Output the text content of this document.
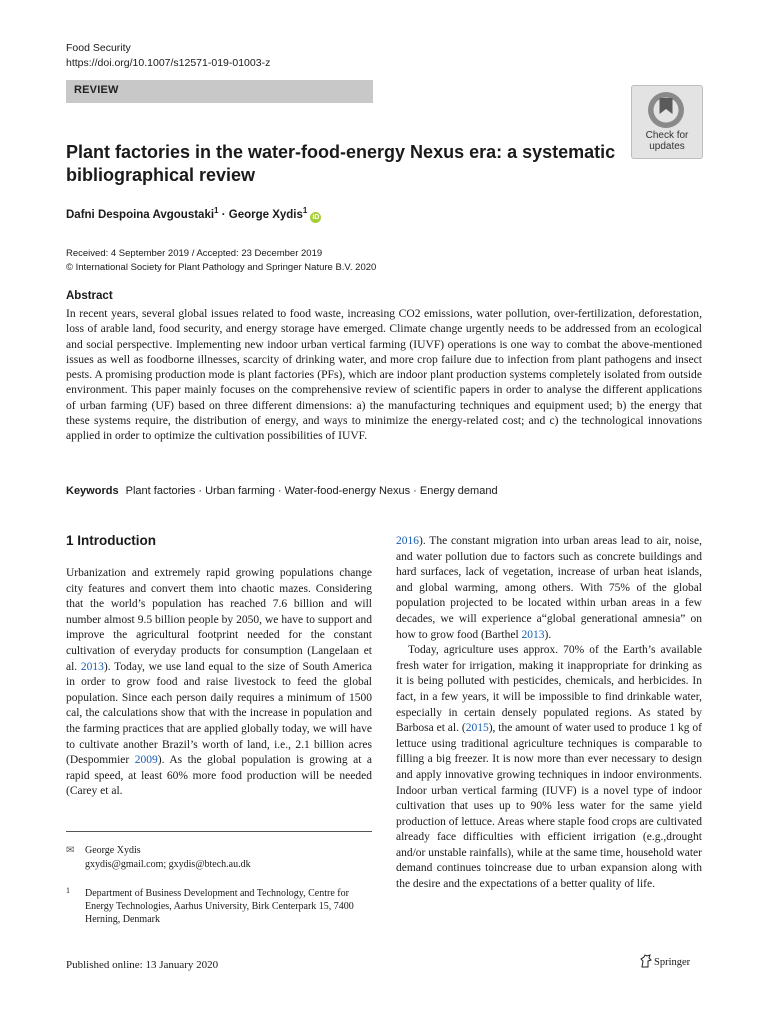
Food Security
https://doi.org/10.1007/s12571-019-01003-z
REVIEW
Check for
updates
Plant factories in the water-food-energy Nexus era: a systematic bibliographical review
Dafni Despoina Avgoustaki$^1$ · George Xydis$^1$iD
Received: 4 September 2019 / Accepted: 23 December 2019
© International Society for Plant Pathology and Springer Nature B.V. 2020
Abstract
In recent years, several global issues related to food waste, increasing CO2 emissions, water pollution, over-fertilization, deforestation, loss of arable land, food security, and energy storage have emerged. Climate change urgently needs to be addressed from an ecological and social perspective. Implementing new indoor urban vertical farming (IUVF) operations is one way to combat the above-mentioned issues as well as foodborne illnesses, scarcity of drinking water, and more crop failure due to infection from plant pathogens and insect pests. A promising production mode is plant factories (PFs), which are indoor plant production systems completely isolated from outside environment. This paper mainly focuses on the comprehensive review of scientific papers in order to analyse the different applications of urban farming (UF) based on three different dimensions: a) the manufacturing techniques and equipment used; b) the energy that these systems require, the distribution of energy, and ways to minimize the energy-related cost; and c) the technological innovations applied in order to optimize the cultivation possibilities of IUVF.
Keywords Plant factories · Urban farming · Water-food-energy Nexus · Energy demand
1 Introduction

Urbanization and extremely rapid growing populations change city features and convert them into chaotic mazes. Considering that the world’s population has reached 7.6 billion and will number almost 9.5 billion people by 2050, we have to support and improve the agricultural footprint needed for the constant cultivation of everyday products for consumption (Langelaan et al. 2013). Today, we use land equal to the size of South America in order to grow food and raise livestock to feed the global population. Since each person daily requires a minimum of 1500 cal, the calculations show that with the increase in population and the farming practices that are applied globally today, we will have to cultivate another Brazil’s worth of land, i.e., 2.1 billion acres (Despommier 2009). As the global population is growing at a rapid speed, at least 60% more food production will be needed (Carey et al.

2016). The constant migration into urban areas lead to air, noise, and water pollution due to factors such as concrete buildings and hard surfaces, lack of vegetation, increase of urban heat islands, and global warming, among others. With 75% of the global population projected to be located within urban areas in a few decades, we will experience a“global generational amnesia” on how to grow food (Barthel 2013).

Today, agriculture uses approx. 70% of the Earth’s available fresh water for irrigation, making it inappropriate for drinking as it is being polluted with pesticides, chemicals, and herbicides. In fact, in a few years, it will be impossible to find drinkable water, especially in certain densely populated regions. As stated by Barbosa et al. (2015), the amount of water used to produce 1 kg of lettuce using traditional agriculture techniques is comparable to filling a big freezer. It is now more than ever necessary to design and apply innovative growing techniques in indoor environments. Indoor urban vertical farming (IUVF) is a novel type of indoor cultivation that uses up to 90% less water for the same yield production of lettuce. Areas where staple food crops are cultivated already face difficulties with efficient irrigation (e.g.,drought and/or unstable rainfalls), while at the same time, household water demand continues toincrease due to urban expansion along with the desire and the expectations of a better quality of life.

✉ George Xydis
gxydis@gmail.com; gxydis@btech.au.dk
1 Department of Business Development and Technology, Centre for Energy Technologies, Aarhus University, Birk Centerpark 15, 7400 Herning, Denmark
Published online: 13 January 2020	Springer
